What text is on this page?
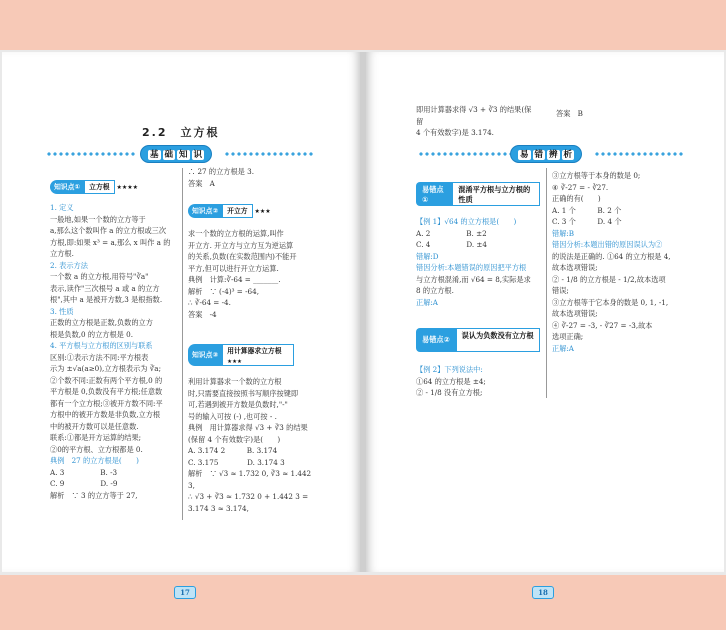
2.2　立方根
基 础 知 识
知识点①	立方根	★★★★
1. 定义
一般地,如果一个数的立方等于
a,那么这个数叫作 a 的立方根或三次
方根,即:如果 x³ = a,那么 x 叫作 a 的
立方根.
2. 表示方法
一个数 a 的立方根,用符号"∛a"
表示,读作"三次根号 a 或 a 的立方
根",其中 a 是被开方数,3 是根指数.
3. 性质
正数的立方根是正数,负数的立方
根是负数,0 的立方根是 0.
4. 平方根与立方根的区别与联系
区别:①表示方法不同:平方根表
示为 ±√a(a≥0),立方根表示为 ∛a;
②个数不同:正数有两个平方根,0 的
平方根是 0,负数没有平方根;任意数
都有一个立方根;③被开方数不同:平
方根中的被开方数是非负数,立方根
中的被开方数可以是任意数.
联系:①都是开方运算的结果;
②0的平方根、立方根都是 0.
典例　27 的立方根是(　　)
A. 3　　　　　B. -3
C. 9　　　　　D. -9
解析　∵ 3 的立方等于 27,
∴ 27 的立方根是 3.
答案　A
知识点②	开立方	★★★
求一个数的立方根的运算,叫作
开立方. 开立方与立方互为逆运算
的关系,负数(在实数范围内)不能开
平方,但可以进行开立方运算.
典例　计算:∛-64 = _______.
解析　∵ (-4)³ = -64,
∴ ∛-64 = -4.
答案　-4
知识点③	用计算器求立方根
★★★
利用计算器求一个数的立方根
时,只需要直接按照书写顺序按键即
可,若遇到被开方数是负数时,"-"
号的输入可按 (-) ,也可按 - .
典例　用计算器求得 √3 + ∛3 的结果
(保留 4 个有效数字)是(　　)
A. 3.174 2　　　B. 3.174
C. 3.175　　　　D. 3.174 3
解析　∵ √3 ≈ 1.732 0, ∛3 ≈ 1.442 3,
∴ √3 + ∛3 ≈ 1.732 0 + 1.442 3 =
3.174 3 ≈ 3.174,
17
即用计算器求得 √3 + ∛3 的结果(保留
4 个有效数字)是 3.174.
答案　B
易 错 辨 析
易错点①
混淆平方根与立方根的性质
【例 1】√64 的立方根是(　　)
A. 2　　　　　B. ±2
C. 4　　　　　D. ±4
错解:D
错因分析:本题错误的原因把平方根
与立方根混淆,而 √64 = 8,实际是求
8 的立方根.
正解:A
易错点②	误认为负数没有立方根
【例 2】下列说法中:
①64 的立方根是 ±4;
② - 1/8 没有立方根;
③立方根等于本身的数是 0;
④ ∛-27 = - ∛27.
正确的有(　　)
A. 1 个　　　B. 2 个
C. 3 个　　　D. 4 个
错解:B
错因分析:本题出错的原因误认为②
的说法是正确的. ①64 的立方根是 4,
故本选项错误;
② - 1/8 的立方根是 - 1/2,故本选项
错误;
③立方根等于它本身的数是 0, 1, -1,
故本选项错误;
④ ∛-27 = -3, - ∛27 = -3,故本
选项正确;
正解:A
18
